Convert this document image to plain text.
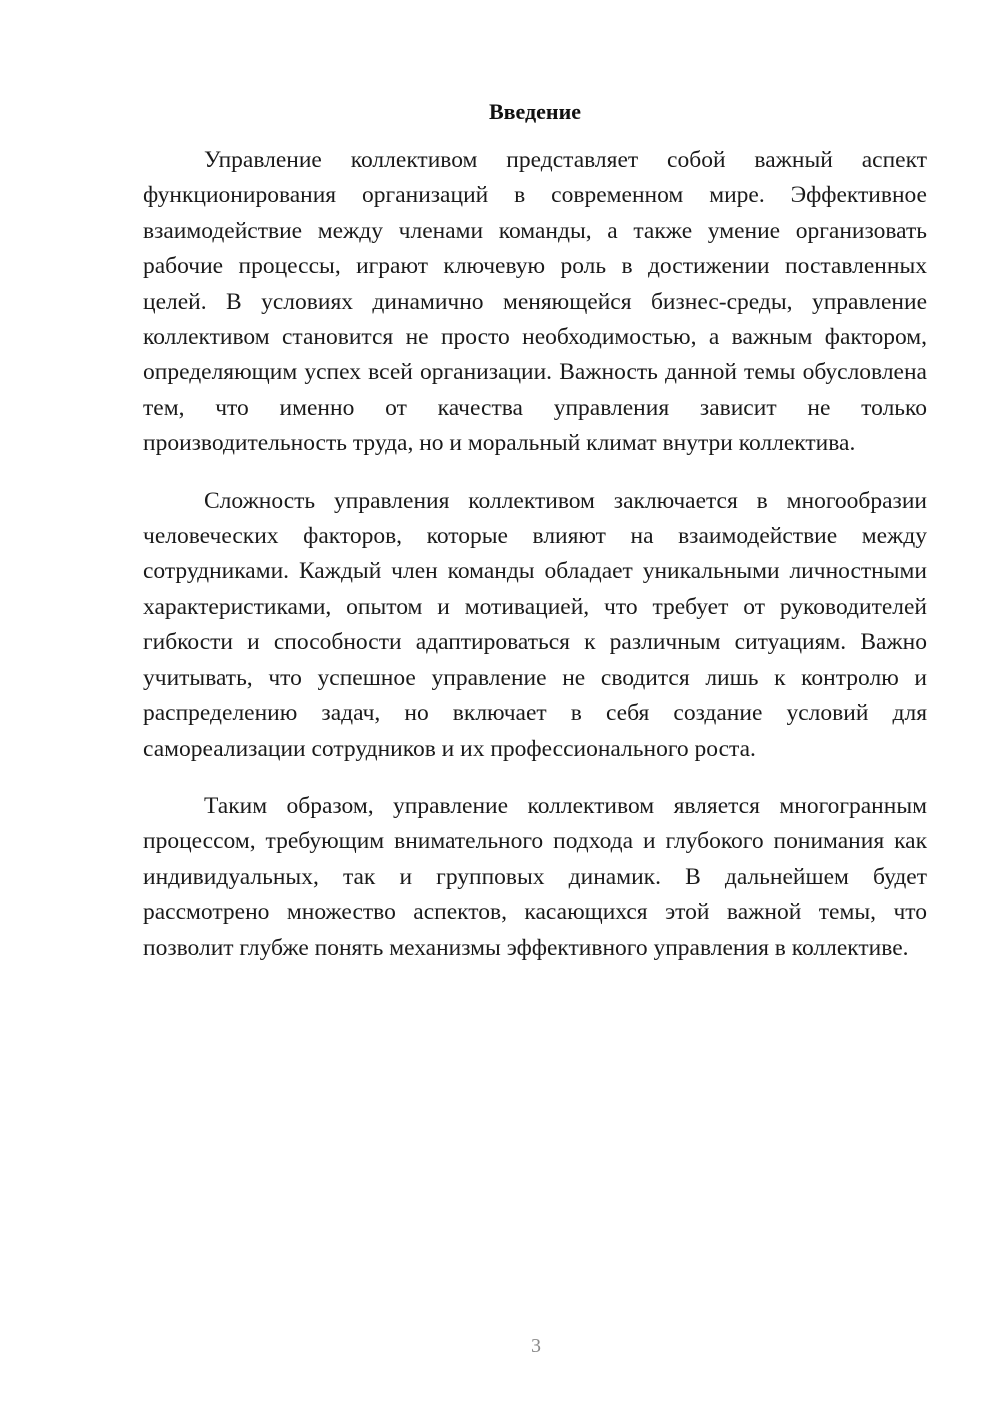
Введение

Управление коллективом представляет собой важный аспект функционирования организаций в современном мире. Эффективное взаимодействие между членами команды, а также умение организовать рабочие процессы, играют ключевую роль в достижении поставленных целей. В условиях динамично меняющейся бизнес-среды, управление коллективом становится не просто необходимостью, а важным фактором, определяющим успех всей организации. Важность данной темы обусловлена тем, что именно от качества управления зависит не только производительность труда, но и моральный климат внутри коллектива.

Сложность управления коллективом заключается в многообразии человеческих факторов, которые влияют на взаимодействие между сотрудниками. Каждый член команды обладает уникальными личностными характеристиками, опытом и мотивацией, что требует от руководителей гибкости и способности адаптироваться к различным ситуациям. Важно учитывать, что успешное управление не сводится лишь к контролю и распределению задач, но включает в себя создание условий для самореализации сотрудников и их профессионального роста.

Таким образом, управление коллективом является многогранным процессом, требующим внимательного подхода и глубокого понимания как индивидуальных, так и групповых динамик. В дальнейшем будет рассмотрено множество аспектов, касающихся этой важной темы, что позволит глубже понять механизмы эффективного управления в коллективе.

3
